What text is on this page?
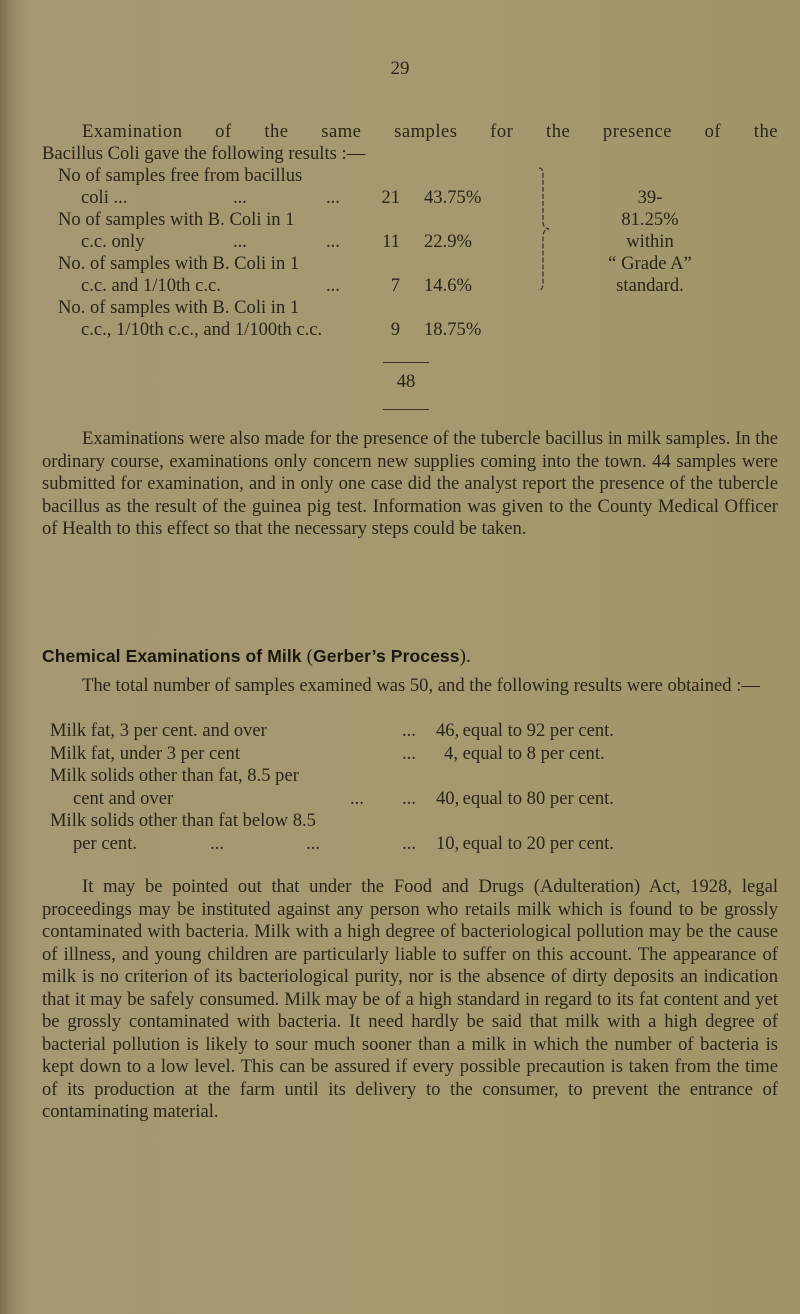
29
Examination of the same samples for the presence of the
Bacillus Coli gave the following results :—
No of samples free from bacillus
coli ...	...	...	21 43.75%
No of samples with B. Coli in 1
c.c. only	...	...	11 22.9%
No. of samples with B. Coli in 1
c.c. and 1/10th c.c.	...	7 14.6%
No. of samples with B. Coli in 1
c.c., 1/10th c.c., and 1/100th c.c.	9 18.75%
39-
81.25%
within
“ Grade A”
standard.
48
Examinations were also made for the presence of the tubercle bacillus in milk samples. In the ordinary course, examinations only concern new supplies coming into the town. 44 samples were submitted for examination, and in only one case did the analyst report the presence of the tubercle bacillus as the result of the guinea pig test. Information was given to the County Medical Officer of Health to this effect so that the necessary steps could be taken.
Chemical Examinations of Milk (Gerber’s Process).
The total number of samples examined was 50, and the following results were obtained :—
Milk fat, 3 per cent. and over	... 46, equal to 92 per cent.
Milk fat, under 3 per cent	...	4, equal to 8 per cent.
Milk solids other than fat, 8.5 per
cent and over	... ... 40, equal to 80 per cent.
Milk solids other than fat below 8.5
per cent.	...	...	... 10, equal to 20 per cent.
It may be pointed out that under the Food and Drugs (Adulteration) Act, 1928, legal proceedings may be instituted against any person who retails milk which is found to be grossly contaminated with bacteria. Milk with a high degree of bacteriological pollution may be the cause of illness, and young children are particularly liable to suffer on this account. The appearance of milk is no criterion of its bacteriological purity, nor is the absence of dirty deposits an indication that it may be safely consumed. Milk may be of a high standard in regard to its fat content and yet be grossly contaminated with bacteria. It need hardly be said that milk with a high degree of bacterial pollution is likely to sour much sooner than a milk in which the number of bacteria is kept down to a low level. This can be assured if every possible precaution is taken from the time of its production at the farm until its delivery to the consumer, to prevent the entrance of contaminating material.
